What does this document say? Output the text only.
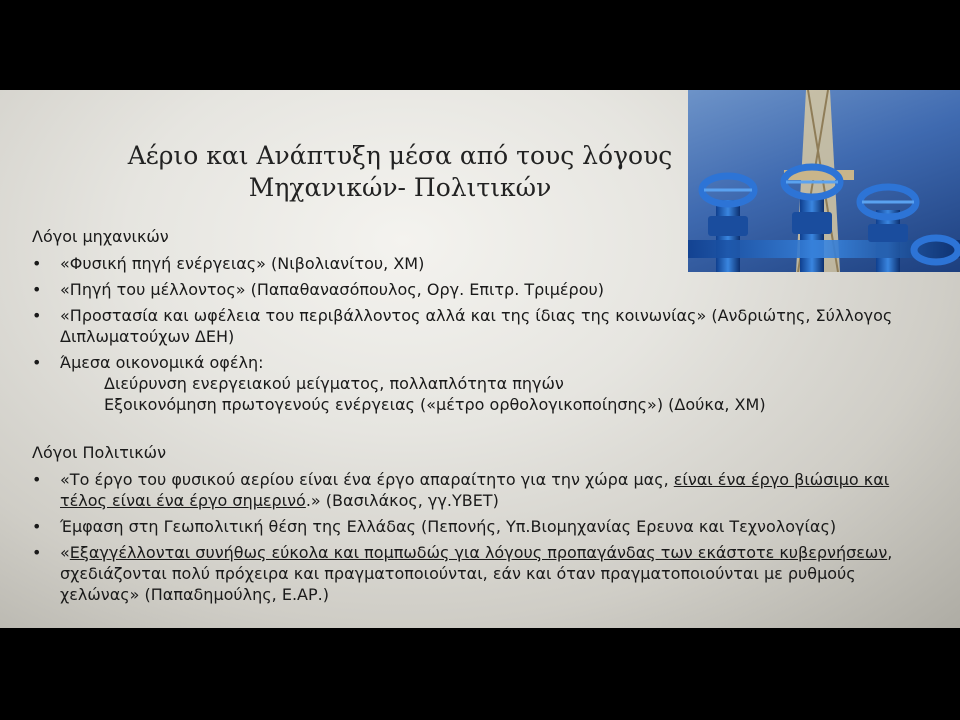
Αέριο και Ανάπτυξη μέσα από τους λόγους
Μηχανικών- Πολιτικών
Λόγοι μηχανικών
• «Φυσική πηγή ενέργειας» (Νιβολιανίτου, ΧΜ)
• «Πηγή του μέλλοντος» (Παπαθανασόπουλος, Οργ. Επιτρ. Τριμέρου)
• «Προστασία και ωφέλεια του περιβάλλοντος αλλά και της ίδιας της κοινωνίας» (Ανδριώτης, Σύλλογος Διπλωματούχων ΔΕΗ)
• Άμεσα οικονομικά οφέλη:
Διεύρυνση ενεργειακού μείγματος, πολλαπλότητα πηγών
Εξοικονόμηση πρωτογενούς ενέργειας («μέτρο ορθολογικοποίησης») (Δούκα, ΧΜ)
Λόγοι Πολιτικών
• «Το έργο του φυσικού αερίου είναι ένα έργο απαραίτητο για την χώρα μας, είναι ένα έργο βιώσιμο και τέλος είναι ένα έργο σημερινό.» (Βασιλάκος, γγ.ΥΒΕΤ)
• Έμφαση στη Γεωπολιτική θέση της Ελλάδας (Πεπονής, Υπ.Βιομηχανίας Ερευνα και Τεχνολογίας)
• «Εξαγγέλλονται συνήθως εύκολα και πομπωδώς για λόγους προπαγάνδας των εκάστοτε κυβερνήσεων, σχεδιάζονται πολύ πρόχειρα και πραγματοποιούνται, εάν και όταν πραγματοποιούνται με ρυθμούς χελώνας» (Παπαδημούλης, Ε.ΑΡ.)
